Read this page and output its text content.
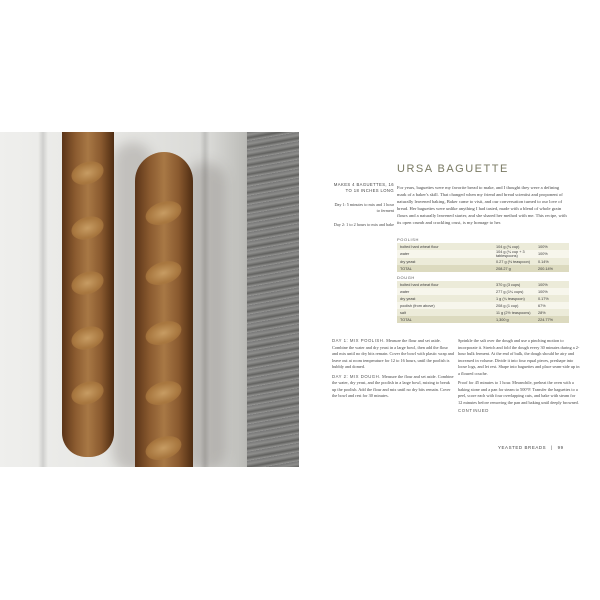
URSA BAGUETTE
MAKES 4 BAGUETTES, 16 TO 18 INCHES LONG
Day 1: 5 minutes to mix and 1 hour to ferment
Day 2: 1 to 2 hours to mix and bake
For years, baguettes were my favorite bread to make, and I thought they were a defining mark of a baker's skill. That changed when my friend and bread scientist and proponent of naturally leavened baking, Baker came to visit, and our conversation turned to our love of bread. Her baguettes were unlike anything I had tasted, made with a blend of whole grain flours and a naturally leavened starter, and she shared her method with me. This recipe, with its open crumb and crackling crust, is my homage to her.
POOLISH
bolted hard wheat flour	104 g (¾ cup)	100%
water	104 g (¼ cup + 3 tablespoons)	100%
dry yeast	0.27 g (⅛ teaspoon)	0.14%
TOTAL	208.27 g	200.14%
DOUGH
bolted hard wheat flour	370 g (3 cups)	100%
water	277 g (1¼ cups)	100%
dry yeast	1 g (¼ teaspoon)	0.17%
poolish (from above)	208 g (1 cup)	67%
salt	11 g (2½ teaspoons)	28%
TOTAL	1,300 g	224.77%
DAY 1: MIX POOLISH. Measure the flour and set aside. Combine the water and dry yeast in a large bowl, then add the flour and mix until no dry bits remain. Cover the bowl with plastic wrap and leave out at room temperature for 12 to 16 hours, until the poolish is bubbly and domed.
DAY 2: MIX DOUGH. Measure the flour and set aside. Combine the water, dry yeast, and the poolish in a large bowl, mixing to break up the poolish. Add the flour and mix until no dry bits remain. Cover the bowl and rest for 30 minutes.
Sprinkle the salt over the dough and use a pinching motion to incorporate it. Stretch and fold the dough every 30 minutes during a 2-hour bulk ferment. At the end of bulk, the dough should be airy and increased in volume. Divide it into four equal pieces, preshape into loose logs, and let rest. Shape into baguettes and place seam-side up in a floured couche.
Proof for 45 minutes to 1 hour. Meanwhile, preheat the oven with a baking stone and a pan for steam to 500°F. Transfer the baguettes to a peel, score each with four overlapping cuts, and bake with steam for 12 minutes before removing the pan and baking until deeply browned.
CONTINUED
YEASTED BREADS | 99
